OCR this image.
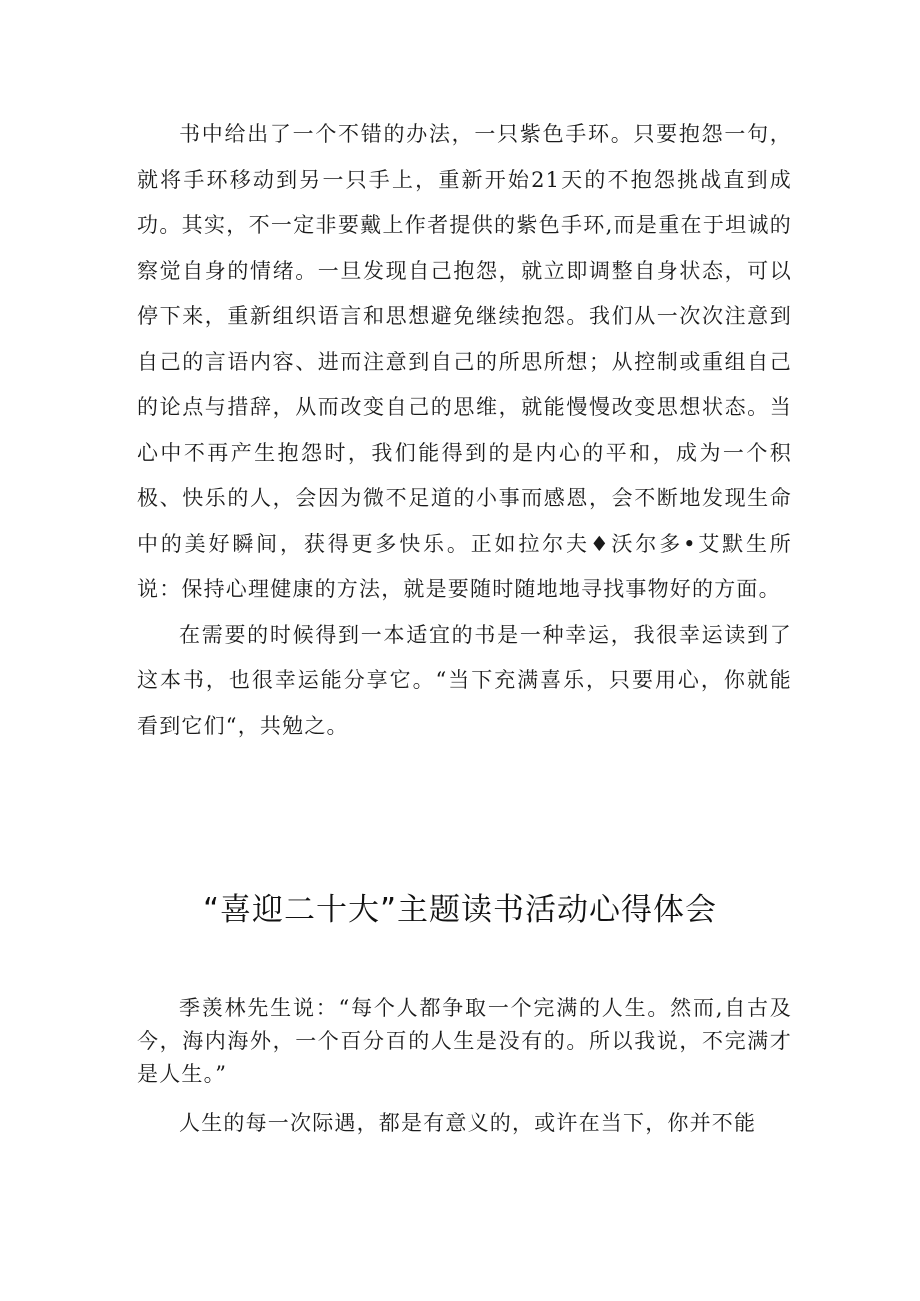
书中给出了一个不错的办法，一只紫色手环。只要抱怨一句，就将手环移动到另一只手上，重新开始21天的不抱怨挑战直到成功。其实，不一定非要戴上作者提供的紫色手环,而是重在于坦诚的察觉自身的情绪。一旦发现自己抱怨，就立即调整自身状态，可以停下来，重新组织语言和思想避免继续抱怨。我们从一次次注意到自己的言语内容、进而注意到自己的所思所想；从控制或重组自己的论点与措辞，从而改变自己的思维，就能慢慢改变思想状态。当心中不再产生抱怨时，我们能得到的是内心的平和，成为一个积极、快乐的人，会因为微不足道的小事而感恩，会不断地发现生命中的美好瞬间，获得更多快乐。正如拉尔夫♦沃尔多•艾默生所说：保持心理健康的方法，就是要随时随地地寻找事物好的方面。

在需要的时候得到一本适宜的书是一种幸运，我很幸运读到了这本书，也很幸运能分享它。“当下充满喜乐，只要用心，你就能看到它们“，共勉之。

“喜迎二十大”主题读书活动心得体会

季羡林先生说：“每个人都争取一个完满的人生。然而,自古及今，海内海外，一个百分百的人生是没有的。所以我说，不完满才是人生。”

人生的每一次际遇，都是有意义的，或许在当下，你并不能
